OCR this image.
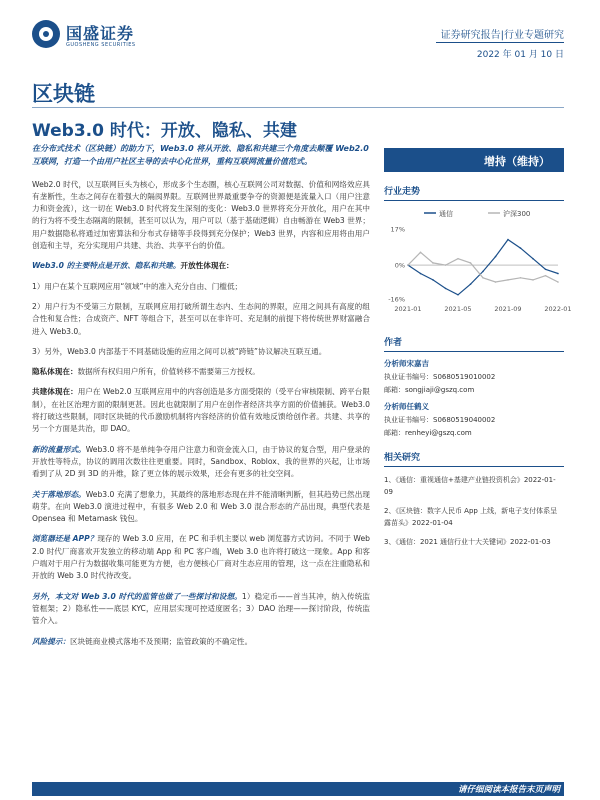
国盛证券
GUOSHENG SECURITIES
证券研究报告|行业专题研究
2022 年 01 月 10 日
区块链
Web3.0 时代：开放、隐私、共建
在分布式技术（区块链）的助力下，Web3.0 将从开放、隐私和共建三个角度去颠覆 Web2.0 互联网，打造一个由用户社区主导的去中心化世界，重构互联网流量价值范式。
Web2.0 时代，以互联网巨头为核心，形成多个生态圈，核心互联网公司对数据、价值和网络效应具有垄断性，生态之间存在着强大的隔阂界限。互联网世界最重要争夺的资源便是流量入口（用户注意力和资金流），这一切在 Web3.0 时代将发生深刻的变化：Web3.0 世界将充分开放化，用户在其中的行为将不受生态隔离的限制，甚至可以认为，用户可以（基于基础逻辑）自由畅游在 Web3 世界；用户数据隐私将通过加密算法和分布式存储等手段得到充分保护；Web3 世界，内容和应用将由用户创造和主导，充分实现用户共建、共治、共享平台的价值。
Web3.0 的主要特点是开放、隐私和共建。开放性体现在：
1）用户在某个互联网应用“领域”中的准入充分自由、门槛低；
2）用户行为不受第三方限制，互联网应用打破所谓生态内、生态间的界限，应用之间具有高度的组合性和复合性；合成资产、NFT 等组合下，甚至可以在非许可、充足制的前提下将传统世界财富融合进入 Web3.0。
3）另外，Web3.0 内部基于不同基础设施的应用之间可以被“跨链”协议解决互联互通。
隐私体现在：数据所有权归用户所有，价值转移不需要第三方授权。
共建体现在：用户在 Web2.0 互联网应用中的内容创造是多方面受限的（受平台审核限制、跨平台限制），在社区治理方面的限制更甚。因此也就限制了用户在创作者经济共享方面的价值捕获。Web3.0 将打破这些限制，同时区块链的代币激励机制将内容经济的价值有效地反馈给创作者。共建、共享的另一个方面是共治，即 DAO。
新的流量形式。Web3.0 将不是单纯争夺用户注意力和资金流入口，由于协议的复合型，用户登录的开放性等特点，协议的调用次数往往更重要。同时，Sandbox、Roblox、我的世界的兴起，让市场看到了从 2D 到 3D 的升维，除了更立体的展示效果，还会有更多的社交空间。
关于落地形态。Web3.0 充满了想象力，其最终的落地形态现在并不能清晰判断，但其趋势已然出现萌芽。在向 Web3.0 演进过程中，有很多 Web 2.0 和 Web 3.0 混合形态的产品出现，典型代表是 Opensea 和 Metamask 钱包。
浏览器还是 APP？现存的 Web 3.0 应用，在 PC 和手机主要以 web 浏览器方式访问。不同于 Web 2.0 时代厂商喜欢开发独立的移动端 App 和 PC 客户端，Web 3.0 也许将打破这一现象。App 和客户端对于用户行为数据收集可能更为方便，也方便核心厂商对生态应用的管理，这一点在注重隐私和开放的 Web 3.0 时代待改变。
另外，本文对 Web 3.0 时代的监管也做了一些探讨和设想。1）稳定币——首当其冲，纳入传统监管框架；2）隐私性——底层 KYC，应用层实现可控适度匿名；3）DAO 治理——探讨阶段，传统监管介入。
风险提示：区块链商业模式落地不及预期；监管政策的不确定性。
增持（维持）
行业走势
通信	沪深300
17%
0%
-16%
2021-01	2021-05	2021-09	2022-01
作者
分析师宋嘉吉
执业证书编号：S0680519010002
邮箱：songjiaji@gszq.com
分析师任鹤义
执业证书编号：S0680519040002
邮箱：renheyi@gszq.com
相关研究
1、《通信：重视通信+基建产业链投资机会》2022-01-09
2、《区块链：数字人民币 App 上线，新电子支付体系呈露苗头》2022-01-04
3、《通信：2021 通信行业十大关键词》2022-01-03
请仔细阅读本报告末页声明
